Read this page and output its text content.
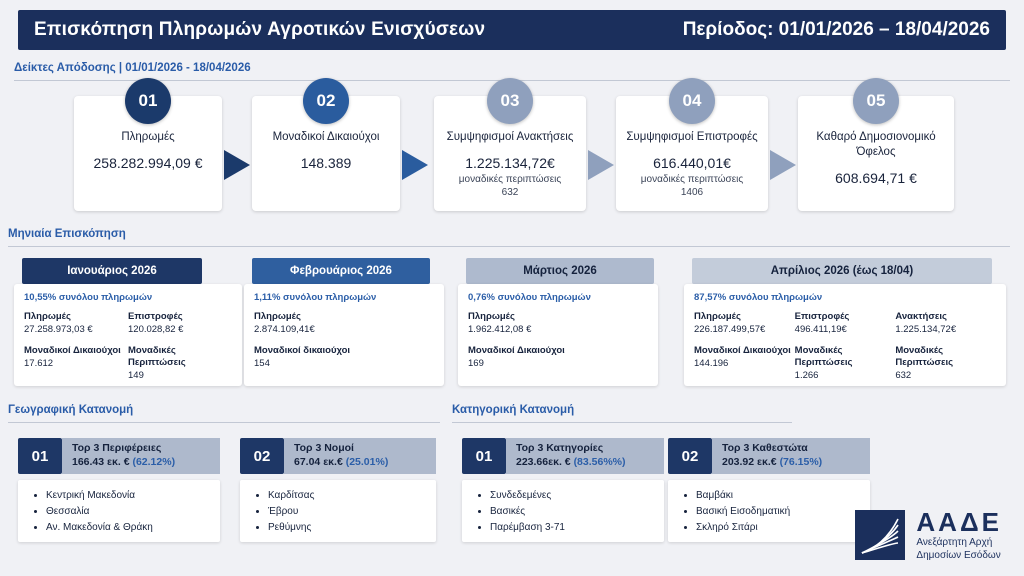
Επισκόπηση Πληρωμών Αγροτικών Ενισχύσεων	Περίοδος: 01/01/2026 – 18/04/2026
Δείκτες Απόδοσης | 01/01/2026 - 18/04/2026
01
Πληρωμές
258.282.994,09 €
02
Μοναδικοί Δικαιούχοι
148.389
03
Συμψηφισμοί Ανακτήσεις
1.225.134,72€
μοναδικές περιπτώσεις
632
04
Συμψηφισμοί Επιστροφές
616.440,01€
μοναδικές περιπτώσεις
1406
05
Καθαρό Δημοσιονομικό Όφελος
608.694,71 €
Μηνιαία Επισκόπηση
Ιανουάριος 2026
10,55% συνόλου πληρωμών
Πληρωμές
27.258.973,03 €
Μοναδικοί Δικαιούχοι
17.612
Επιστροφές
120.028,82 €
Μοναδικές Περιπτώσεις
149
Φεβρουάριος 2026
1,11% συνόλου πληρωμών
Πληρωμές
2.874.109,41€
Μοναδικοί δικαιούχοι
154
Μάρτιος 2026
0,76% συνόλου πληρωμών
Πληρωμές
1.962.412,08 €
Μοναδικοί Δικαιούχοι
169
Απρίλιος 2026 (έως 18/04)
87,57% συνόλου πληρωμών
Πληρωμές
226.187.499,57€
Μοναδικοί Δικαιούχοι
144.196
Επιστροφές
496.411,19€
Μοναδικές Περιπτώσεις
1.266
Ανακτήσεις
1.225.134,72€
Μοναδικές Περιπτώσεις
632
Γεωγραφική Κατανομή	Κατηγορική Κατανομή
01	Τορ 3 Περιφέρειες
166.43 εκ. € (62.12%)
• Κεντρική Μακεδονία
• Θεσσαλία
• Αν. Μακεδονία & Θράκη
02	Τορ 3 Νομοί
67.04 εκ.€ (25.01%)
• Καρδίτσας
• Έβρου
• Ρεθύμνης
01	Τορ 3 Κατηγορίες
223.66εκ. € (83.56%%)
• Συνδεδεμένες
• Βασικές
• Παρέμβαση 3-71
02	Τορ 3 Καθεστώτα
203.92 εκ.€ (76.15%)
• Βαμβάκι
• Βασική Εισοδηματική
• Σκληρό Σιτάρι	ΑΑΔΕ
Ανεξάρτητη Αρχή
Δημοσίων Εσόδων
